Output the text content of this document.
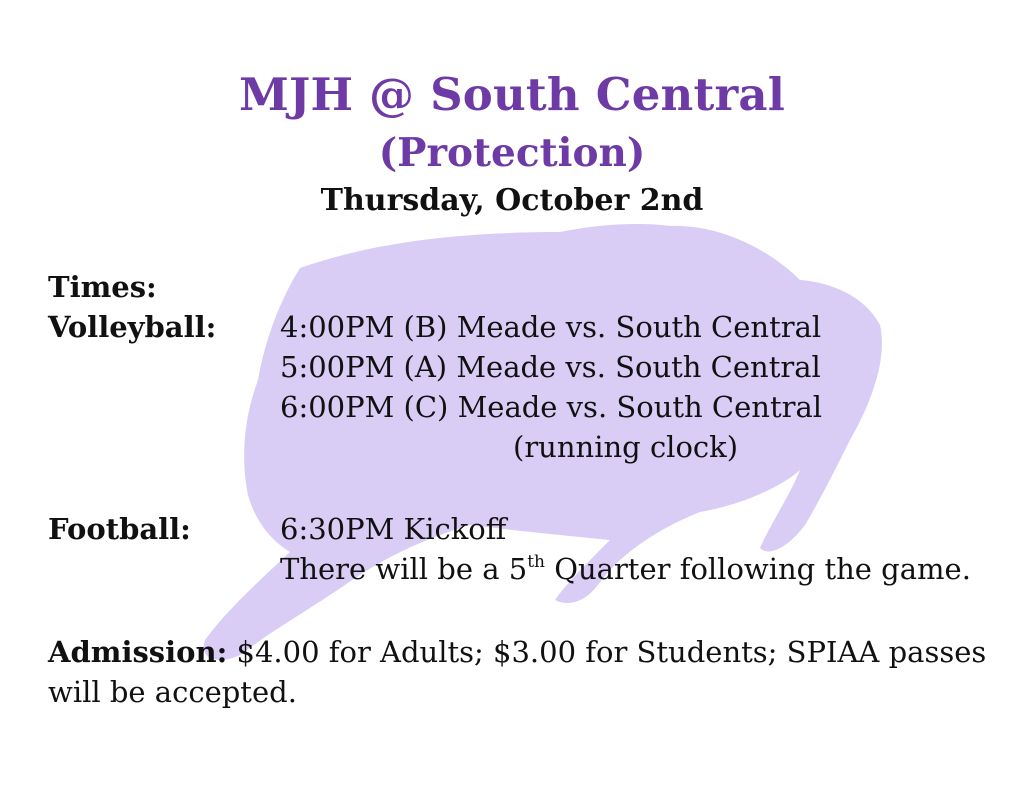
MJH @ South Central
(Protection)
Thursday, October 2nd
Times:
Volleyball: 4:00PM (B) Meade vs. South Central
5:00PM (A) Meade vs. South Central
6:00PM (C) Meade vs. South Central
(running clock)
Football:	6:30PM Kickoff
There will be a 5th Quarter following the game.
Admission: $4.00 for Adults; $3.00 for Students; SPIAA passes
will be accepted.
